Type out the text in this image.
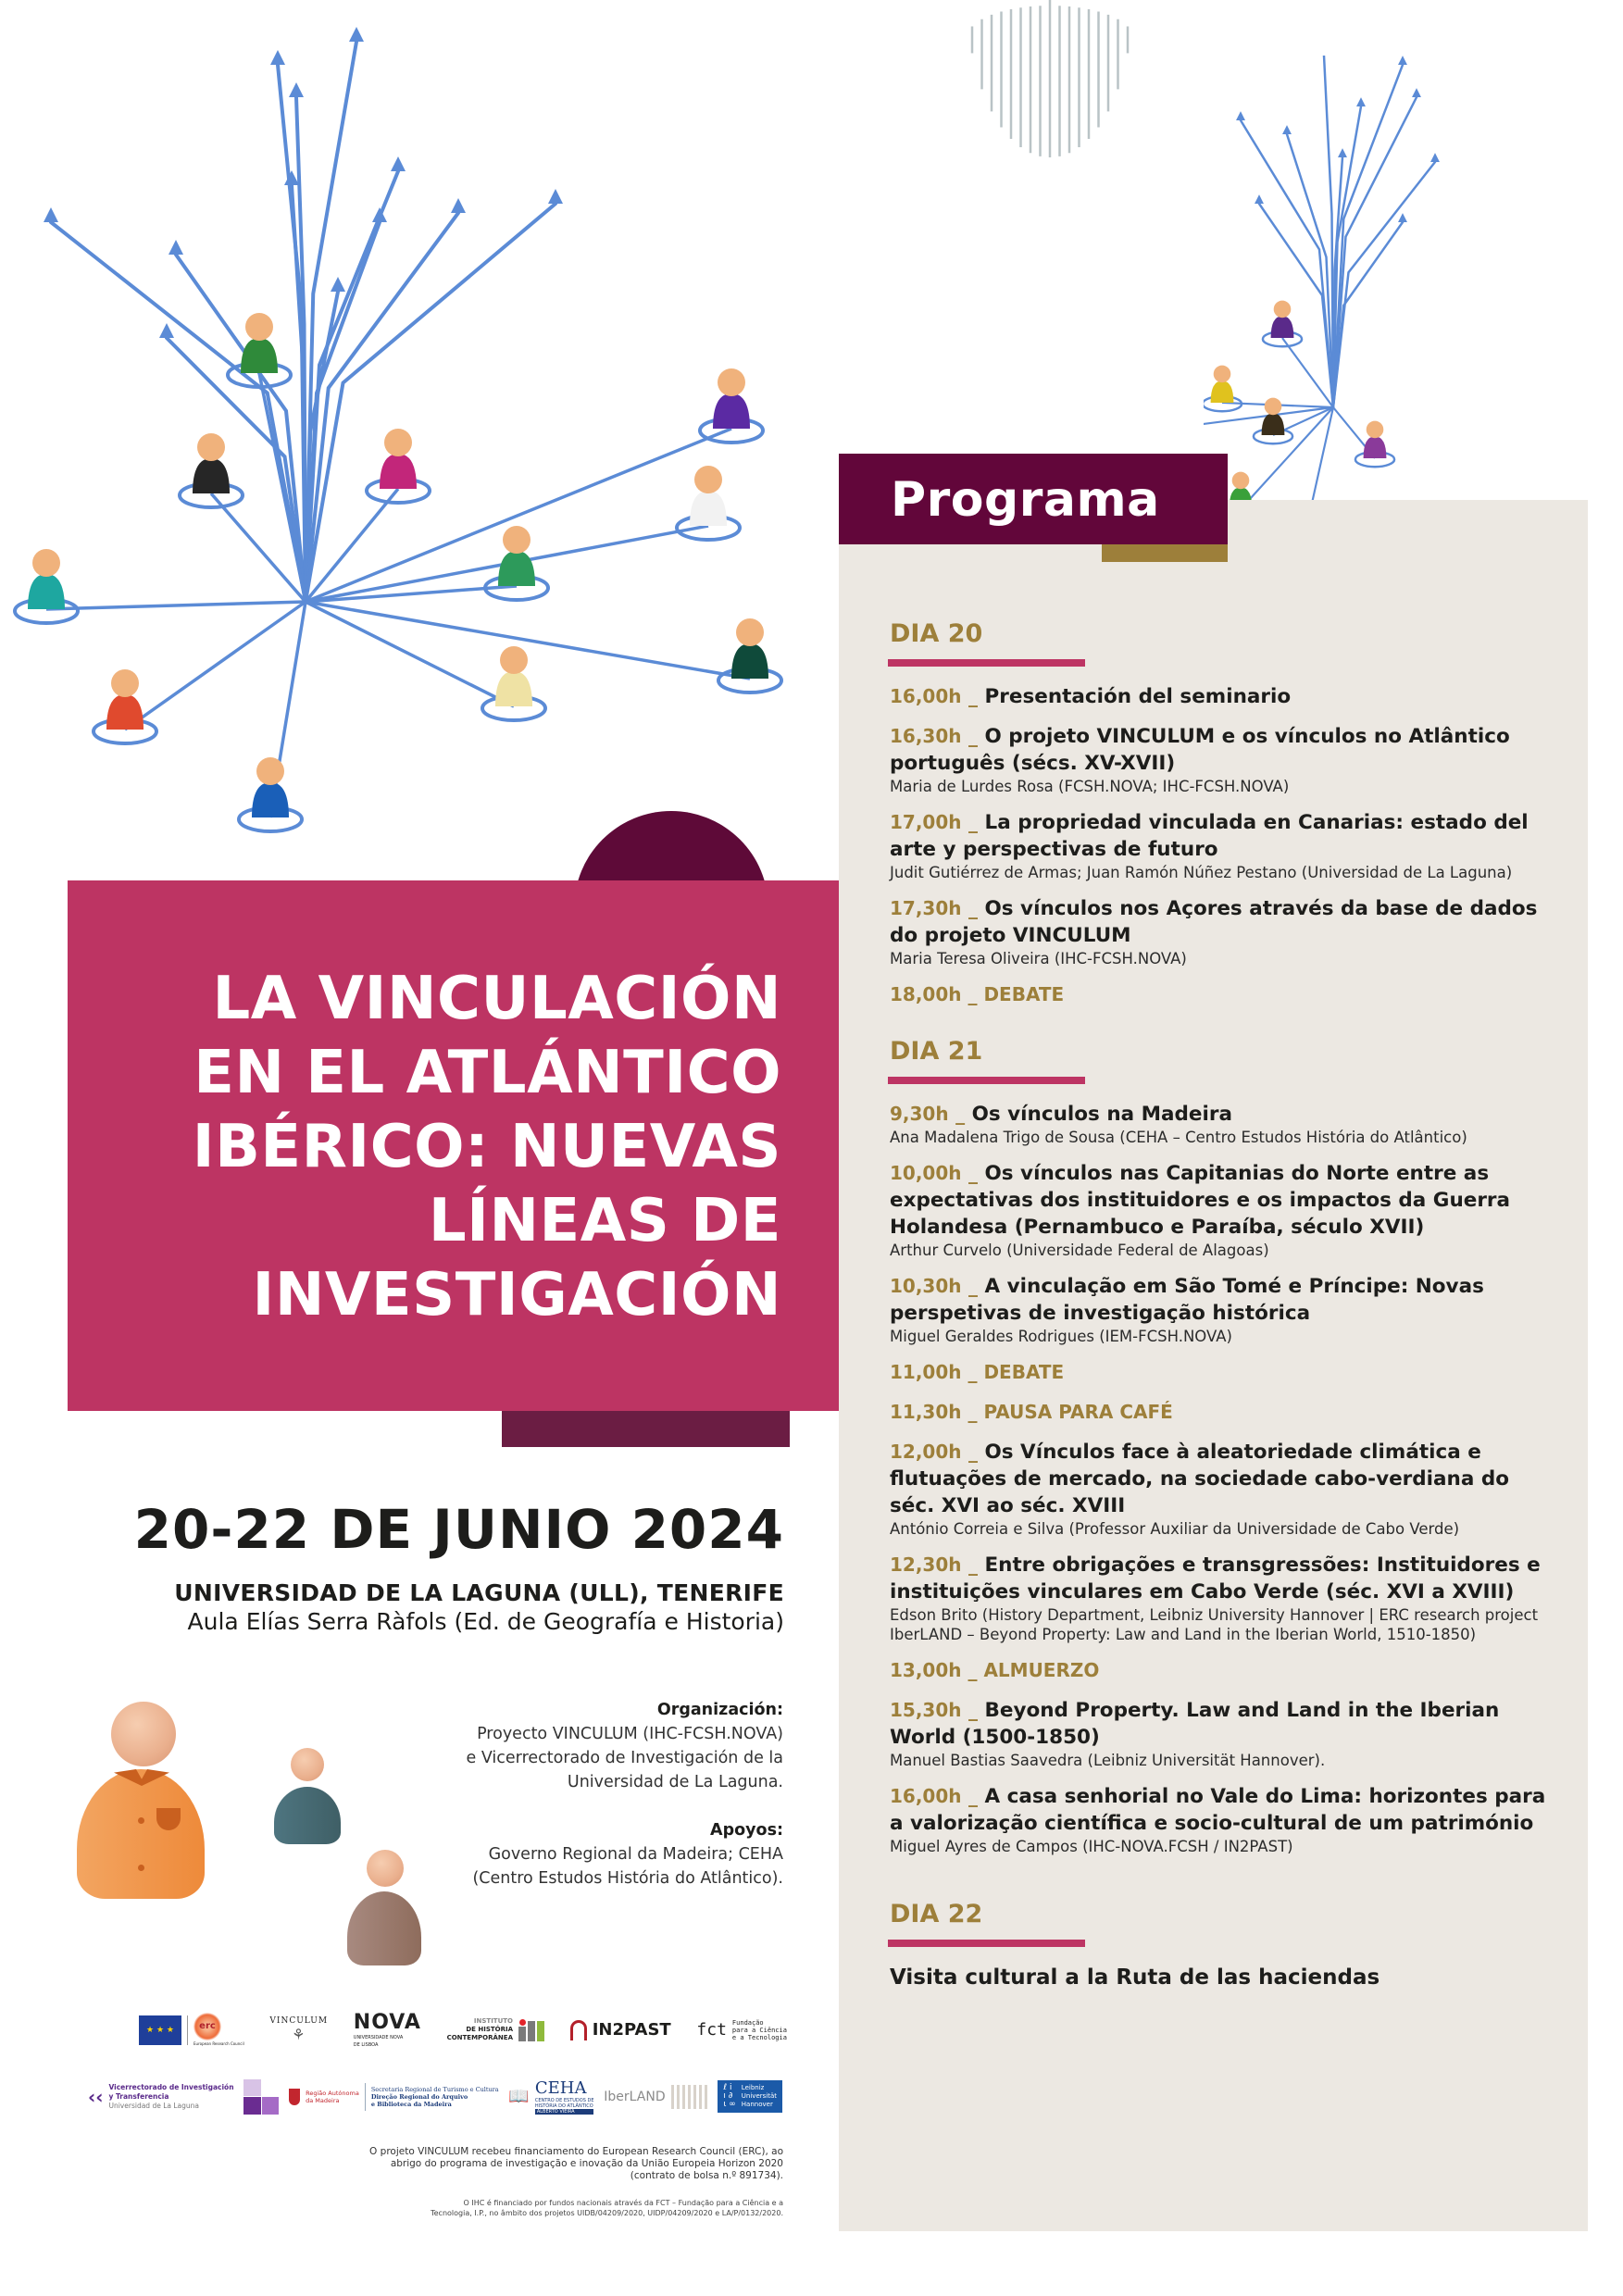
LA VINCULACIÓN
EN EL ATLÁNTICO
IBÉRICO: NUEVAS
LÍNEAS DE
INVESTIGACIÓN
20-22 DE JUNIO 2024
UNIVERSIDAD DE LA LAGUNA (ULL), TENERIFE
Aula Elías Serra Ràfols (Ed. de Geografía e Historia)
Organización:
Proyecto VINCULUM (IHC-FCSH.NOVA)
e Vicerrectorado de Investigación de la
Universidad de La Laguna.
Apoyos:
Governo Regional da Madeira; CEHA
(Centro Estudos História do Atlântico).
★ ★ ★	erc
European Research Council
VINCULUM
⚘
NOVA
UNIVERSIDADE NOVA DE LISBOA
INSTITUTO
DE HISTÓRIA
CONTEMPORÂNEA	IN2PAST fct Fundação
para a Ciência
e a Tecnologia
‹‹ Vicerrectorado de Investigación
y Transferencia
Universidad de La Laguna
Região Autónoma
da Madeira
Secretaria Regional de Turismo e Cultura
Direção Regional do Arquivo
e Biblioteca da Madeira	📖 CEHA
CENTRO DE ESTUDOS DE
HISTÓRIA DO ATLÂNTICO
ALBERTO VIEIRA
IberLAND
ℓ i
ı ∂
ι ∞
Leibniz
Universität
Hannover
O projeto VINCULUM recebeu financiamento do European Research Council (ERC), ao
abrigo do programa de investigação e inovação da União Europeia Horizon 2020
(contrato de bolsa n.º 891734).
O IHC é financiado por fundos nacionais através da FCT – Fundação para a Ciência e a
Tecnologia, I.P., no âmbito dos projetos UIDB/04209/2020, UIDP/04209/2020 e LA/P/0132/2020.
Programa
DIA 20
16,00h _ Presentación del seminario
16,30h _ O projeto VINCULUM e os vínculos no Atlântico português (sécs. XV-XVII)
Maria de Lurdes Rosa (FCSH.NOVA; IHC-FCSH.NOVA)
17,00h _ La propriedad vinculada en Canarias: estado del arte y perspectivas de futuro
Judit Gutiérrez de Armas; Juan Ramón Núñez Pestano (Universidad de La Laguna)
17,30h _ Os vínculos nos Açores através da base de dados do projeto VINCULUM
Maria Teresa Oliveira (IHC-FCSH.NOVA)
18,00h _ DEBATE
DIA 21
9,30h _ Os vínculos na Madeira
Ana Madalena Trigo de Sousa (CEHA – Centro Estudos História do Atlântico)
10,00h _ Os vínculos nas Capitanias do Norte entre as expectativas dos instituidores e os impactos da Guerra Holandesa (Pernambuco e Paraíba, século XVII)
Arthur Curvelo (Universidade Federal de Alagoas)
10,30h _ A vinculação em São Tomé e Príncipe: Novas perspetivas de investigação histórica
Miguel Geraldes Rodrigues (IEM-FCSH.NOVA)
11,00h _ DEBATE
11,30h _ PAUSA PARA CAFÉ
12,00h _ Os Vínculos face à aleatoriedade climática e flutuações de mercado, na sociedade cabo-verdiana do séc. XVI ao séc. XVIII
António Correia e Silva (Professor Auxiliar da Universidade de Cabo Verde)
12,30h _ Entre obrigações e transgressões: Instituidores e instituições vinculares em Cabo Verde (séc. XVI a XVIII)
Edson Brito (History Department, Leibniz University Hannover | ERC research project IberLAND – Beyond Property: Law and Land in the Iberian World, 1510-1850)
13,00h _ ALMUERZO
15,30h _ Beyond Property. Law and Land in the Iberian World (1500-1850)
Manuel Bastias Saavedra (Leibniz Universität Hannover).
16,00h _ A casa senhorial no Vale do Lima: horizontes para a valorização científica e socio-cultural de um património
Miguel Ayres de Campos (IHC-NOVA.FCSH / IN2PAST)
DIA 22
Visita cultural a la Ruta de las haciendas
